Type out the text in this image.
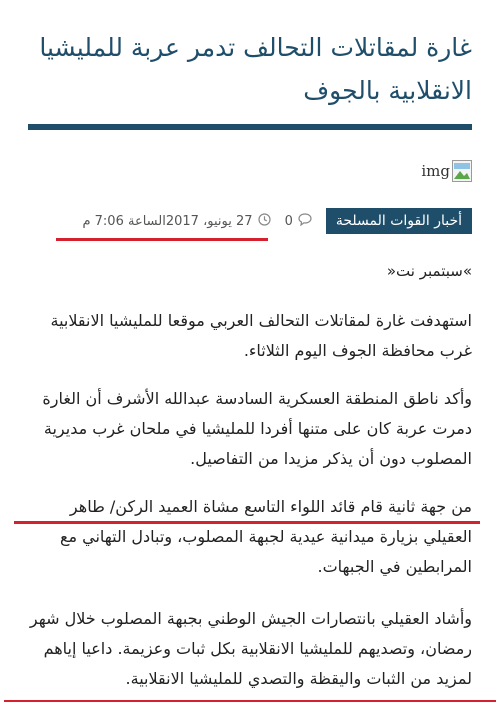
غارة لمقاتلات التحالف تدمر عربة للمليشيا الانقلابية بالجوف
img
أخبار القوات المسلحة
0
27 يونيو، 2017الساعة 7:06 م
»سبتمبر نت«

استهدفت غارة لمقاتلات التحالف العربي موقعا للمليشيا الانقلابية غرب محافظة الجوف اليوم الثلاثاء.

وأكد ناطق المنطقة العسكرية السادسة عبدالله الأشرف أن الغارة دمرت عربة كان على متنها أفردا للمليشيا في ملحان غرب مديرية المصلوب دون أن يذكر مزيدا من التفاصيل.

من جهة ثانية قام قائد اللواء التاسع مشاة العميد الركن/ طاهر العقيلي بزيارة ميدانية عيدية لجبهة المصلوب، وتبادل التهاني مع المرابطين في الجبهات.

وأشاد العقيلي بانتصارات الجيش الوطني بجبهة المصلوب خلال شهر رمضان، وتصديهم للمليشيا الانقلابية بكل ثبات وعزيمة. داعيا إياهم لمزيد من الثبات واليقظة والتصدي للمليشيا الانقلابية.
